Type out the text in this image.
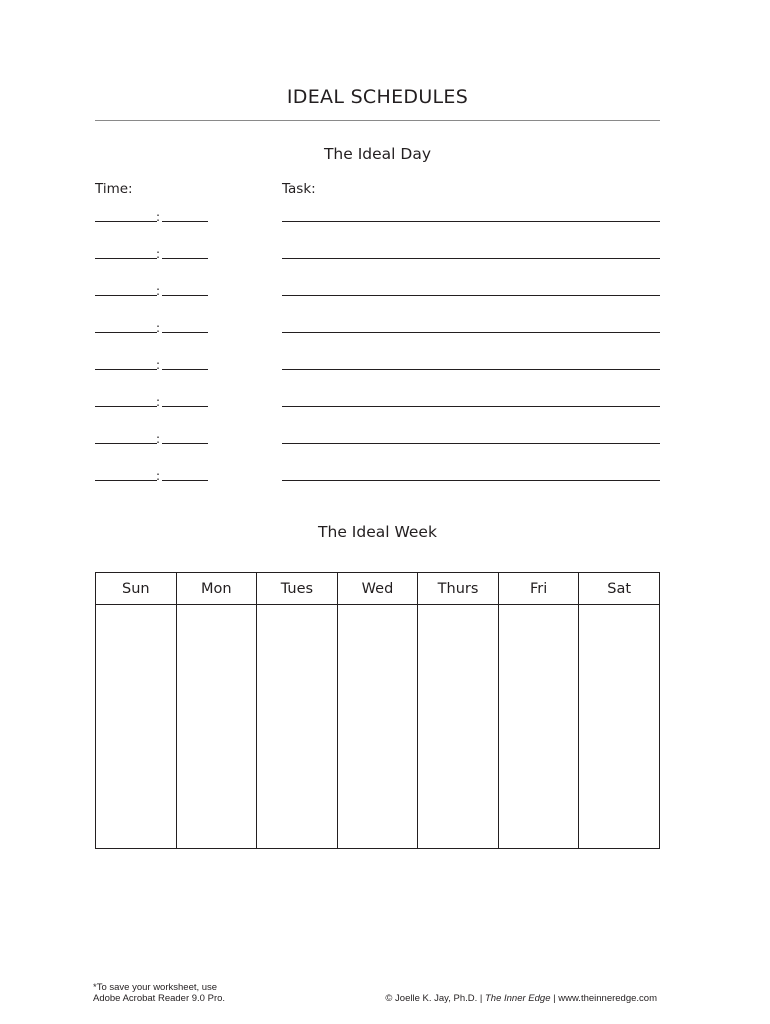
IDEAL SCHEDULES
The Ideal Day
Time:	Task:
:
:
:
:
:
:
:
:
The Ideal Week
Sun	Mon	Tues	Wed	Thurs	Fri	Sat

*To save your worksheet, use
Adobe Acrobat Reader 9.0 Pro.	© Joelle K. Jay, Ph.D. | The Inner Edge | www.theinneredge.com
